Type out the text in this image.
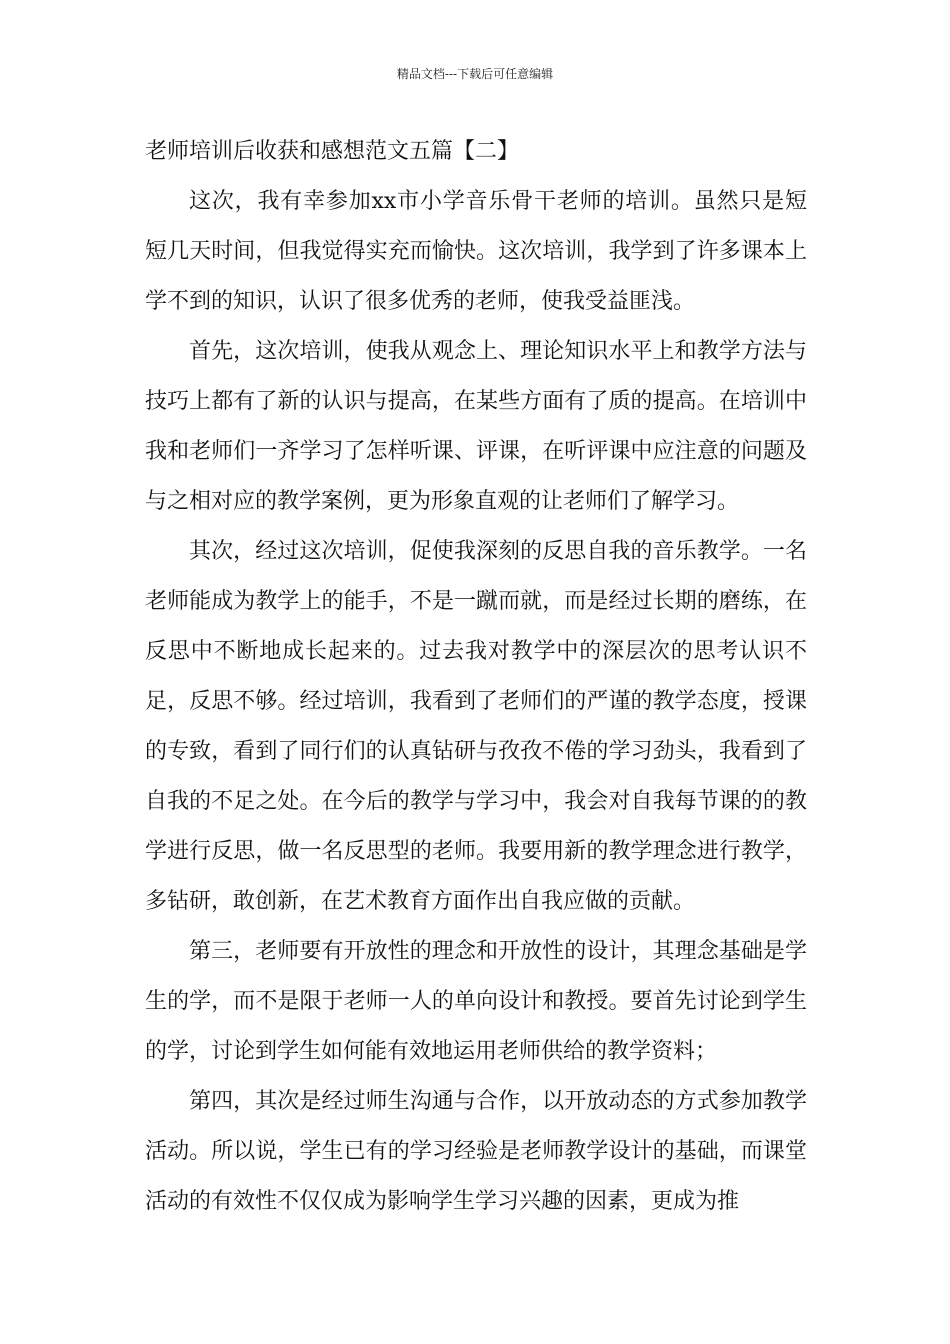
精品文档---下载后可任意编辑
老师培训后收获和感想范文五篇【二】

这次，我有幸参加xx市小学音乐骨干老师的培训。虽然只是短短几天时间，但我觉得实充而愉快。这次培训，我学到了许多课本上学不到的知识，认识了很多优秀的老师，使我受益匪浅。

首先，这次培训，使我从观念上、理论知识水平上和教学方法与技巧上都有了新的认识与提高，在某些方面有了质的提高。在培训中我和老师们一齐学习了怎样听课、评课，在听评课中应注意的问题及与之相对应的教学案例，更为形象直观的让老师们了解学习。

其次，经过这次培训，促使我深刻的反思自我的音乐教学。一名老师能成为教学上的能手，不是一蹴而就，而是经过长期的磨练，在反思中不断地成长起来的。过去我对教学中的深层次的思考认识不足，反思不够。经过培训，我看到了老师们的严谨的教学态度，授课的专致，看到了同行们的认真钻研与孜孜不倦的学习劲头，我看到了自我的不足之处。在今后的教学与学习中，我会对自我每节课的的教学进行反思，做一名反思型的老师。我要用新的教学理念进行教学，多钻研，敢创新，在艺术教育方面作出自我应做的贡献。

第三，老师要有开放性的理念和开放性的设计，其理念基础是学生的学，而不是限于老师一人的单向设计和教授。要首先讨论到学生的学，讨论到学生如何能有效地运用老师供给的教学资料；

第四，其次是经过师生沟通与合作，以开放动态的方式参加教学活动。所以说，学生已有的学习经验是老师教学设计的基础，而课堂活动的有效性不仅仅成为影响学生学习兴趣的因素，更成为推
